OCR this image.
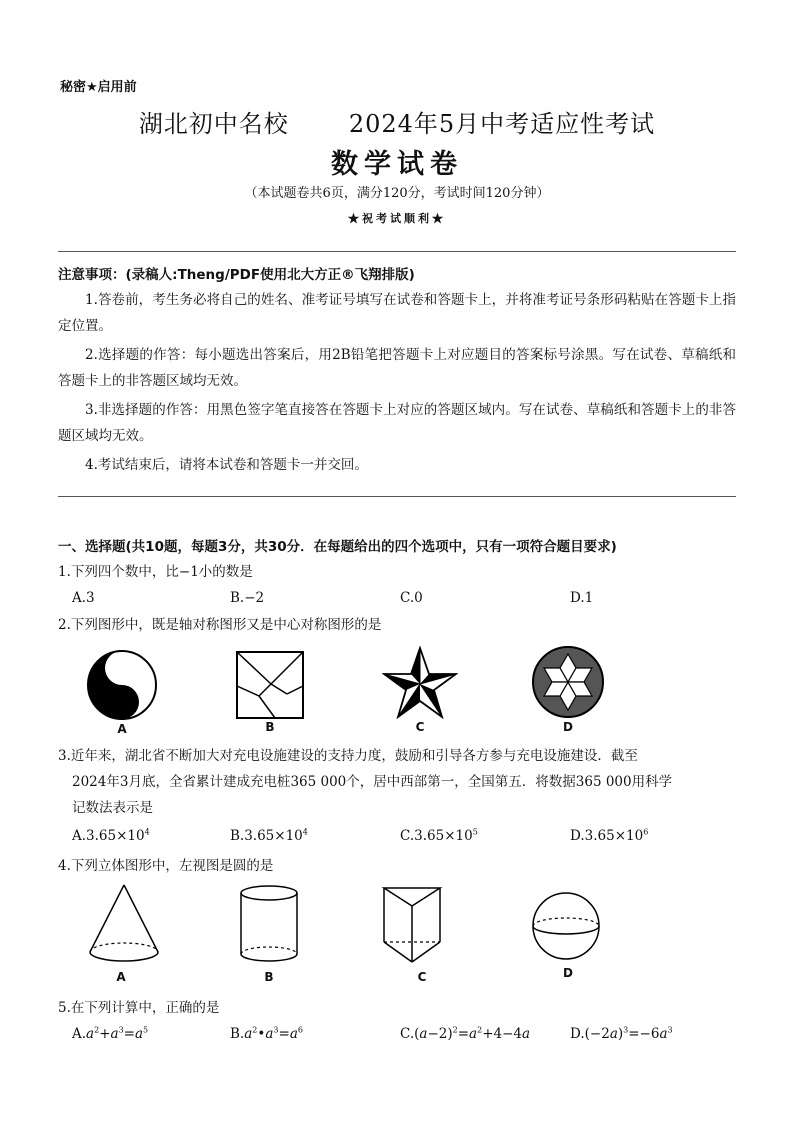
秘密★启用前
湖北初中名校	2024年5月中考适应性考试
数学试卷
（本试题卷共6页，满分120分，考试时间120分钟）
★祝考试顺利★
注意事项：(录稿人:Theng/PDF使用北大方正®飞翔排版)

1.答卷前，考生务必将自己的姓名、准考证号填写在试卷和答题卡上，并将准考证号条形码粘贴在答题卡上指定位置。

2.选择题的作答：每小题选出答案后，用2B铅笔把答题卡上对应题目的答案标号涂黑。写在试卷、草稿纸和答题卡上的非答题区域均无效。

3.非选择题的作答：用黑色签字笔直接答在答题卡上对应的答题区域内。写在试卷、草稿纸和答题卡上的非答题区域均无效。

4.考试结束后，请将本试卷和答题卡一并交回。

一、选择题(共10题，每题3分，共30分．在每题给出的四个选项中，只有一项符合题目要求)
1.下列四个数中，比−1小的数是
A.3	B.−2	C.0	D.1
2.下列图形中，既是轴对称图形又是中心对称图形的是
A	B	C	D
3.近年来，湖北省不断加大对充电设施建设的支持力度，鼓励和引导各方参与充电设施建设．截至
2024年3月底，全省累计建成充电桩365 000个，居中西部第一，全国第五．将数据365 000用科学
记数法表示是
$A.3.65\times 10^4$	$B.3.65\times 10^4$	$C.3.65\times 10^5$	$D.3.65\times 10^6$
4.下列立体图形中，左视图是圆的是
A	B	C	D
5.在下列计算中，正确的是
$A.a^2+a^3=a^5$	$B.a^2•a^3=a^6$	$C.(a-2)^2=a^2+4-4a$	$D.(-2a)^3=-6a^3$
